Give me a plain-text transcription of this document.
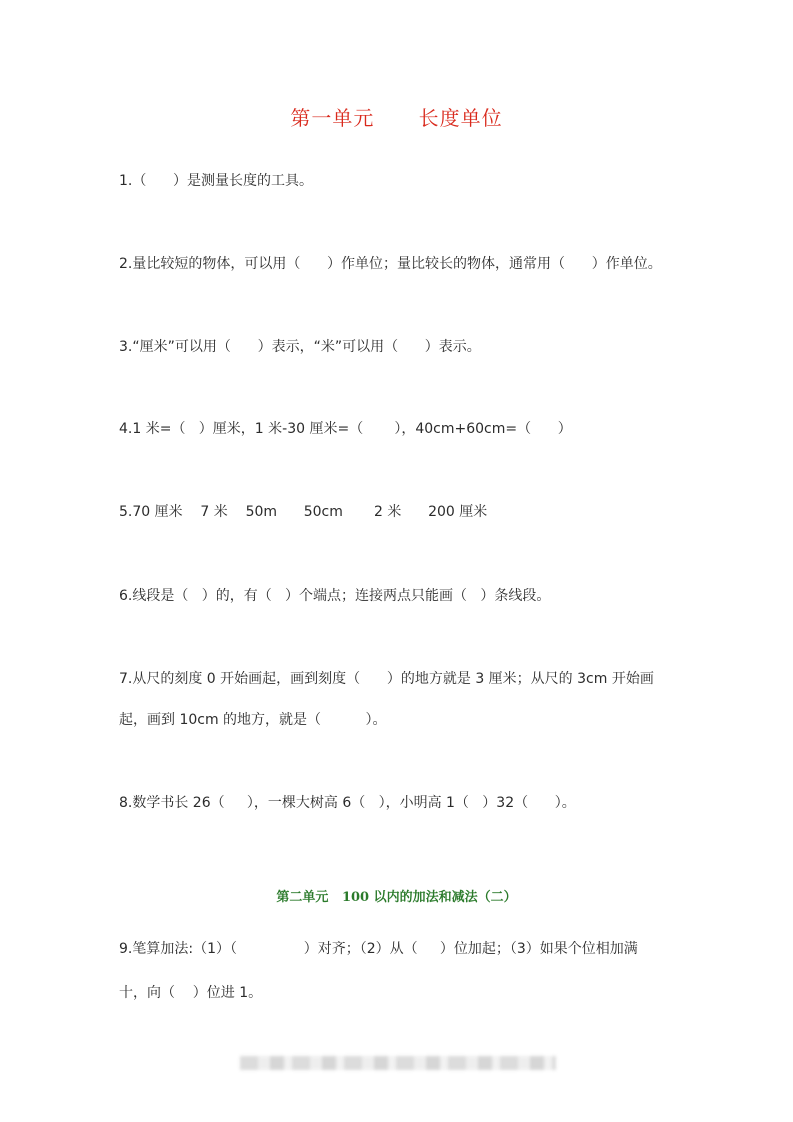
第一单元      长度单位
1.（      ）是测量长度的工具。
2.量比较短的物体，可以用（      ）作单位；量比较长的物体，通常用（      ）作单位。
3.“厘米”可以用（      ）表示，“米”可以用（      ）表示。
4.1 米=（   ）厘米，1 米-30 厘米=（       ），40cm+60cm=（      ）
5.70 厘米    7 米    50m      50cm       2 米      200 厘米
6.线段是（   ）的，有（   ）个端点；连接两点只能画（   ）条线段。
7.从尺的刻度 0 开始画起，画到刻度（      ）的地方就是 3 厘米；从尺的 3cm 开始画
起，画到 10cm 的地方，就是（          ）。
8.数学书长 26（     ），一棵大树高 6（   ），小明高 1（   ）32（      ）。
第二单元   100 以内的加法和减法（二）
9.笔算加法:（1）（               ）对齐；（2）从（     ）位加起；（3）如果个位相加满
十，向（    ）位进 1。
